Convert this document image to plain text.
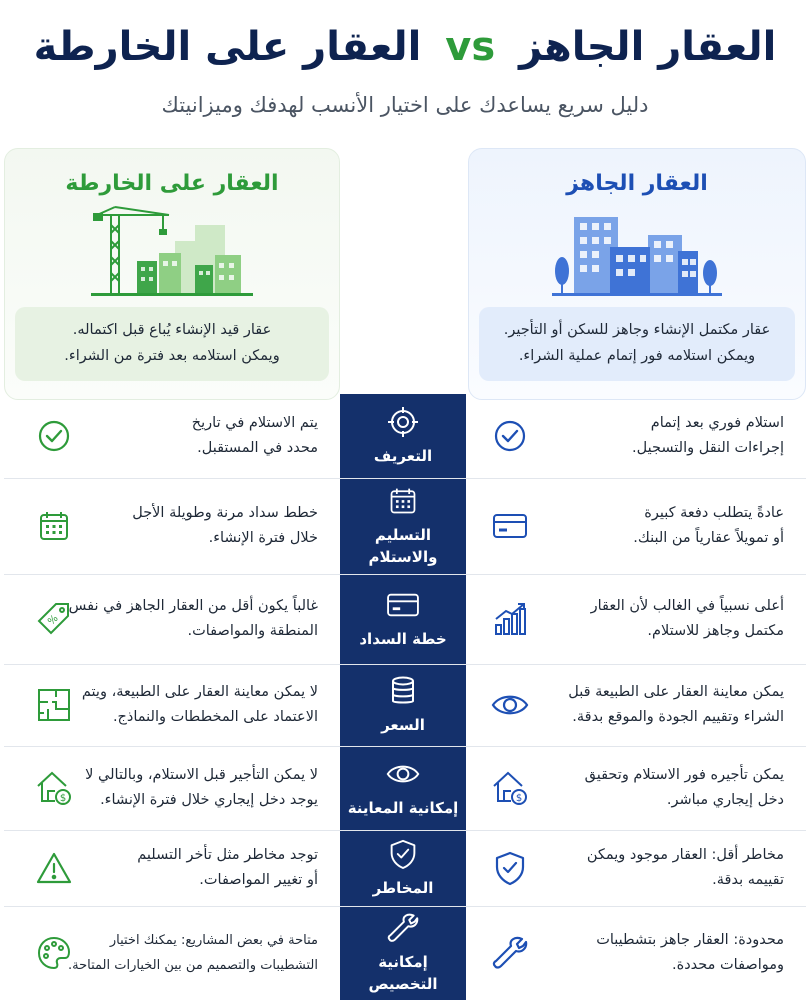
العقار الجاهز vs العقار على الخارطة
دليل سريع يساعدك على اختيار الأنسب لهدفك وميزانيتك
العقار على الخارطة
عقار قيد الإنشاء يُباع قبل اكتماله.
ويمكن استلامه بعد فترة من الشراء.
العقار الجاهز
عقار مكتمل الإنشاء وجاهز للسكن أو التأجير.
ويمكن استلامه فور إتمام عملية الشراء.
يتم الاستلام في تاريخ
محدد في المستقبل.
استلام فوري بعد إتمام
إجراءات النقل والتسجيل.
التعريف
خطط سداد مرنة وطويلة الأجل
خلال فترة الإنشاء.
عادةً يتطلب دفعة كبيرة
أو تمويلاً عقارياً من البنك.
التسليم
والاستلام
غالباً يكون أقل من العقار الجاهز في نفس
المنطقة والمواصفات.
%
أعلى نسبياً في الغالب لأن العقار
مكتمل وجاهز للاستلام.
خطة السداد
لا يمكن معاينة العقار على الطبيعة، ويتم
الاعتماد على المخططات والنماذج.
يمكن معاينة العقار على الطبيعة قبل
الشراء وتقييم الجودة والموقع بدقة.
السعر
لا يمكن التأجير قبل الاستلام، وبالتالي لا
يوجد دخل إيجاري خلال فترة الإنشاء.
$
يمكن تأجيره فور الاستلام وتحقيق
دخل إيجاري مباشر.
$
إمكانية المعاينة
توجد مخاطر مثل تأخر التسليم
أو تغيير المواصفات.
مخاطر أقل: العقار موجود ويمكن
تقييمه بدقة.
المخاطر
متاحة في بعض المشاريع: يمكنك اختيار
التشطيبات والتصميم من بين الخيارات المتاحة.
محدودة: العقار جاهز بتشطيبات
ومواصفات محددة.
إمكانية
التخصيص
